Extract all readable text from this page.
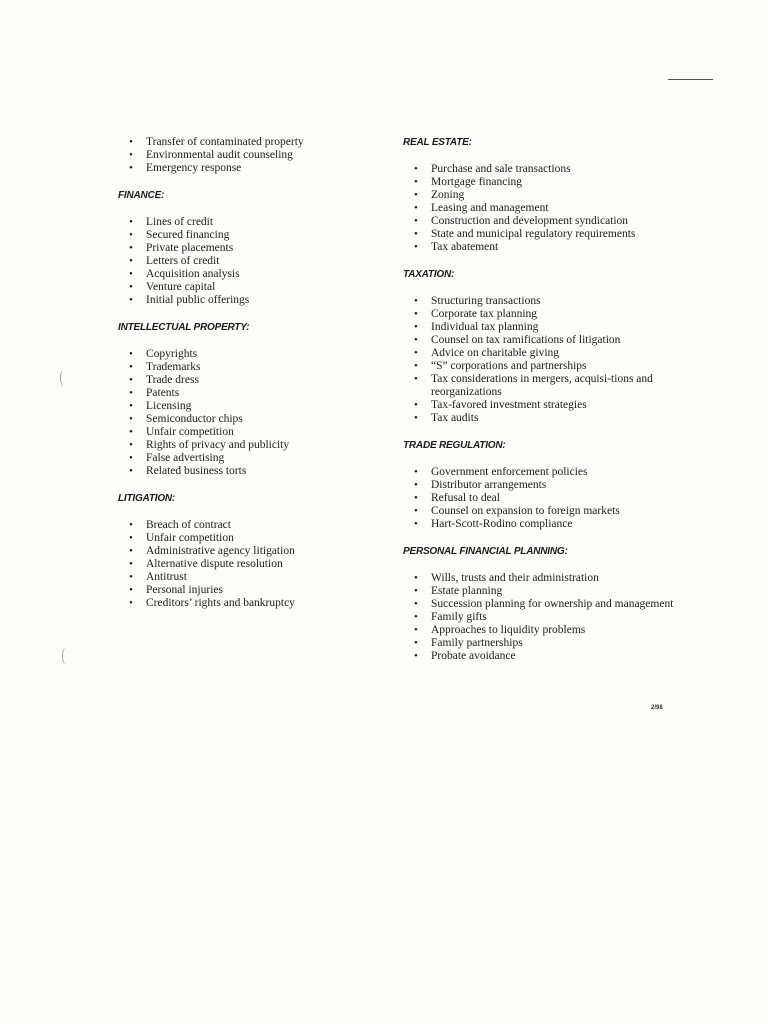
• Transfer of contaminated property
• Environmental audit counseling
• Emergency response
FINANCE:
• Lines of credit
• Secured financing
• Private placements
• Letters of credit
• Acquisition analysis
• Venture capital
• Initial public offerings
INTELLECTUAL PROPERTY:
• Copyrights
• Trademarks
• Trade dress
• Patents
• Licensing
• Semiconductor chips
• Unfair competition
• Rights of privacy and publicity
• False advertising
• Related business torts
LITIGATION:
• Breach of contract
• Unfair competition
• Administrative agency litigation
• Alternative dispute resolution
• Antitrust
• Personal injuries
• Creditors’ rights and bankruptcy
REAL ESTATE:
• Purchase and sale transactions
• Mortgage financing
• Zoning
• Leasing and management
• Construction and development syndication
• State and municipal regulatory requirements
• Tax abatement
TAXATION:
• Structuring transactions
• Corporate tax planning
• Individual tax planning
• Counsel on tax ramifications of litigation
• Advice on charitable giving
• “S” corporations and partnerships
• Tax considerations in mergers, acquisi-tions and reorganizations
• Tax-favored investment strategies
• Tax audits
TRADE REGULATION:
• Government enforcement policies
• Distributor arrangements
• Refusal to deal
• Counsel on expansion to foreign markets
• Hart-Scott-Rodino compliance
PERSONAL FINANCIAL PLANNING:
• Wills, trusts and their administration
• Estate planning
• Succession planning for ownership and management
• Family gifts
• Approaches to liquidity problems
• Family partnerships
• Probate avoidance
2/98
